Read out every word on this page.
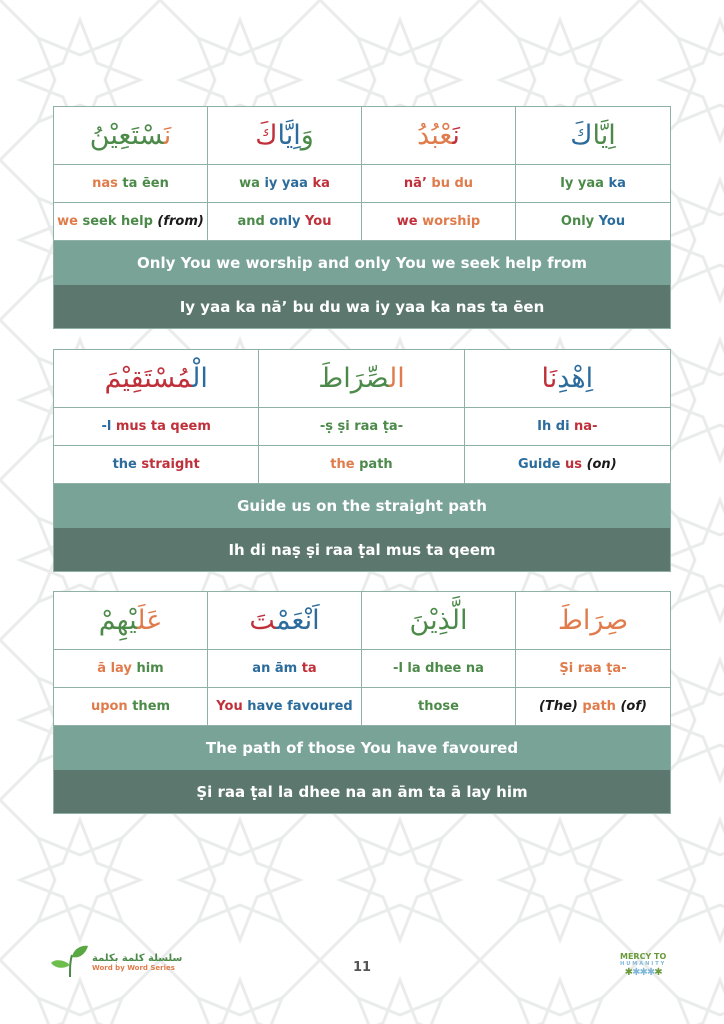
نَسْتَعِيْنُ	وَاِيَّاكَ	نَعْبُدُ	اِيَّاكَ
nas ta ēen	wa iy yaa ka	nā’ bu du	Iy yaa ka
we seek help (from)	and only You	we worship	Only You
Only You we worship and only You we seek help from
Iy yaa ka nā’ bu du wa iy yaa ka nas ta ēen
الْمُسْتَقِيْمَ	الصِّرَاطَ	اِهْدِنَا
-l mus ta qeem	-ṣ ṣi raa ṭa-	Ih di na-
the straight	the path	Guide us (on)
Guide us on the straight path
Ih di naṣ ṣi raa ṭal mus ta qeem
عَلَيْهِمْ	اَنْعَمْتَ	الَّذِيْنَ	صِرَاطَ
ā lay him	an ām ta	-l la dhee na	Ṣi raa ṭa-
upon them	You have favoured	those	(The) path (of)
The path of those You have favoured
Ṣi raa ṭal la dhee na an ām ta ā lay him
سلسلة كلمة بكلمة
Word by Word Series	11
MERCY TO
HUMANITY
✱✱✱✱✱
